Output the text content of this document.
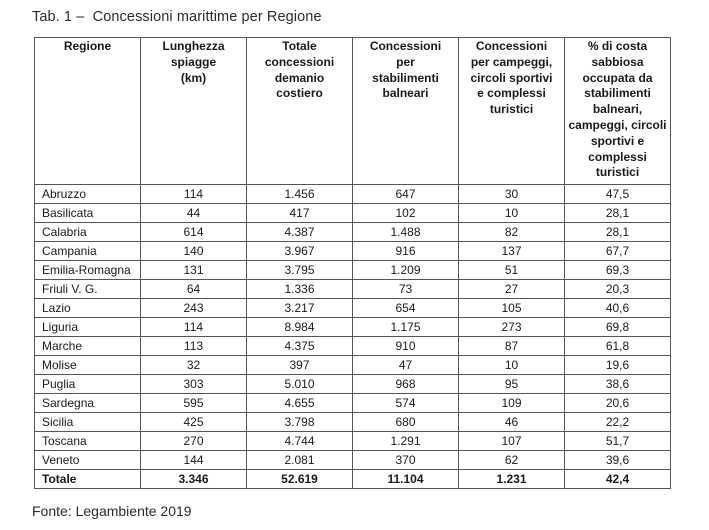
Tab. 1 –  Concessioni marittime per Regione
Regione	Lunghezza
spiagge
(km)	Totale
concessioni
demanio
costiero	Concessioni
per
stabilimenti
balneari	Concessioni
per campeggi,
circoli sportivi
e complessi
turistici	% di costa
sabbiosa
occupata da
stabilimenti
balneari,
campeggi, circoli
sportivi e
complessi
turistici
Abruzzo	114	1.456	647	30	47,5
Basilicata	44	417	102	10	28,1
Calabria	614	4.387	1.488	82	28,1
Campania	140	3.967	916	137	67,7
Emilia-Romagna	131	3.795	1.209	51	69,3
Friuli V. G.	64	1.336	73	27	20,3
Lazio	243	3.217	654	105	40,6
Liguria	114	8.984	1.175	273	69,8
Marche	113	4.375	910	87	61,8
Molise	32	397	47	10	19,6
Puglia	303	5.010	968	95	38,6
Sardegna	595	4.655	574	109	20,6
Sicilia	425	3.798	680	46	22,2
Toscana	270	4.744	1.291	107	51,7
Veneto	144	2.081	370	62	39,6
Totale	3.346	52.619	11.104	1.231	42,4
Fonte: Legambiente 2019
